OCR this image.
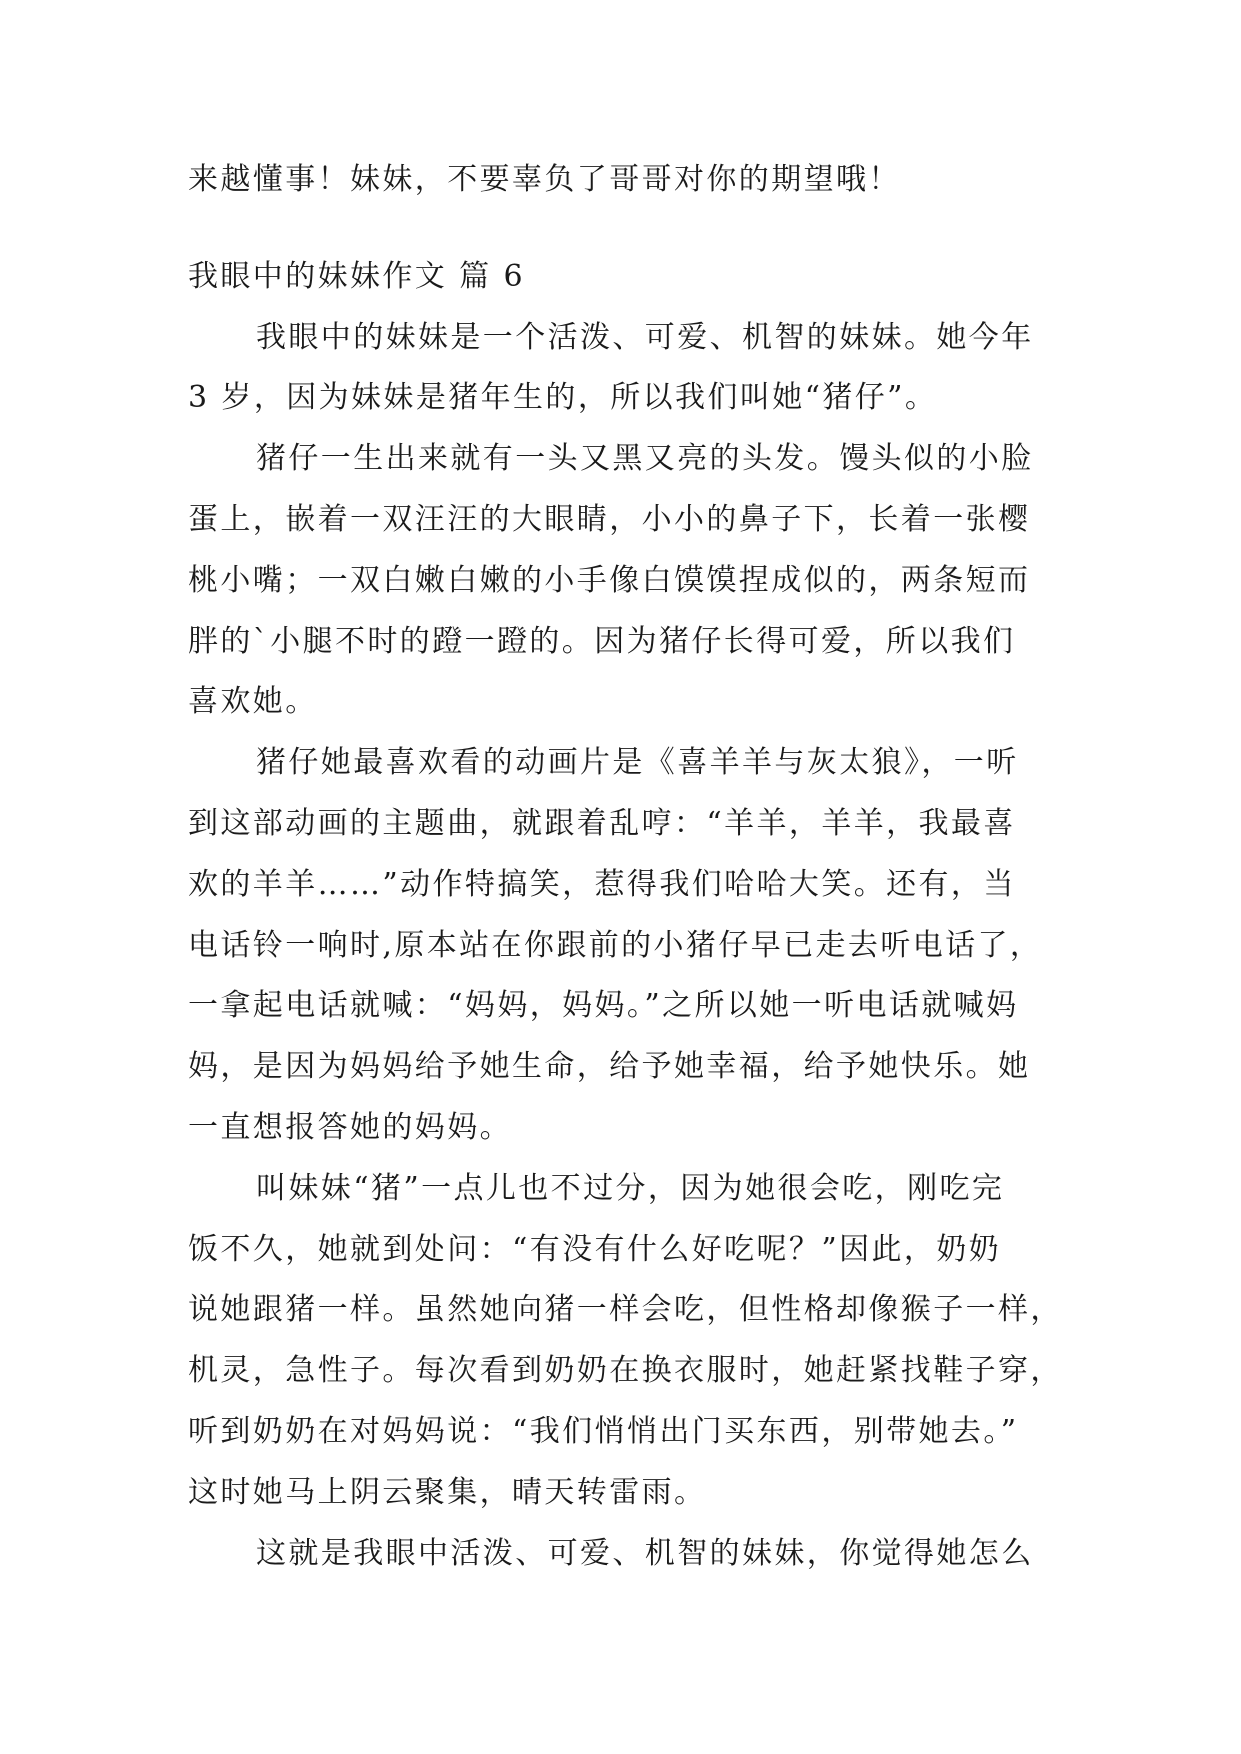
来越懂事！妹妹，不要辜负了哥哥对你的期望哦！
我眼中的妹妹作文 篇 6
我眼中的妹妹是一个活泼、可爱、机智的妹妹。她今年
3 岁，因为妹妹是猪年生的，所以我们叫她“猪仔”。
猪仔一生出来就有一头又黑又亮的头发。馒头似的小脸
蛋上，嵌着一双汪汪的大眼睛，小小的鼻子下，长着一张樱
桃小嘴；一双白嫩白嫩的小手像白馍馍捏成似的，两条短而
胖的`小腿不时的蹬一蹬的。因为猪仔长得可爱，所以我们
喜欢她。
猪仔她最喜欢看的动画片是《喜羊羊与灰太狼》，一听
到这部动画的主题曲，就跟着乱哼：“羊羊，羊羊，我最喜
欢的羊羊……”动作特搞笑，惹得我们哈哈大笑。还有，当
电话铃一响时,原本站在你跟前的小猪仔早已走去听电话了，
一拿起电话就喊：“妈妈，妈妈。”之所以她一听电话就喊妈
妈，是因为妈妈给予她生命，给予她幸福，给予她快乐。她
一直想报答她的妈妈。
叫妹妹“猪”一点儿也不过分，因为她很会吃，刚吃完
饭不久，她就到处问：“有没有什么好吃呢？”因此，奶奶
说她跟猪一样。虽然她向猪一样会吃，但性格却像猴子一样，
机灵，急性子。每次看到奶奶在换衣服时，她赶紧找鞋子穿，
听到奶奶在对妈妈说：“我们悄悄出门买东西，别带她去。”
这时她马上阴云聚集，晴天转雷雨。
这就是我眼中活泼、可爱、机智的妹妹，你觉得她怎么
